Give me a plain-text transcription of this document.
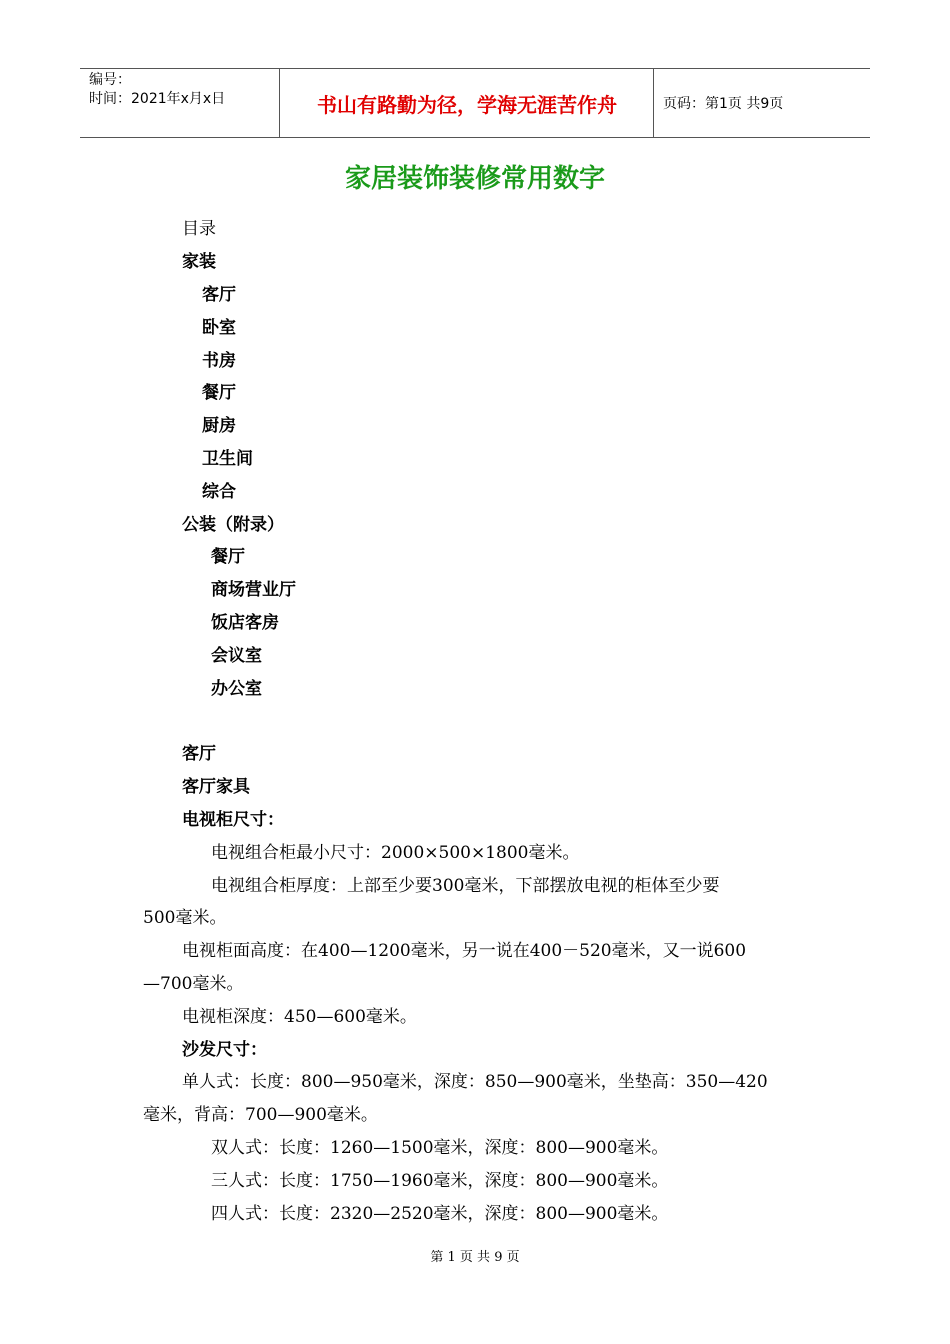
编号：
时间：2021年x月x日	书山有路勤为径，学海无涯苦作舟	页码：第1页 共9页
家居装饰装修常用数字
目录
家装
客厅
卧室
书房
餐厅
厨房
卫生间
综合
公装（附录）
餐厅
商场营业厅
饭店客房
会议室
办公室
客厅
客厅家具
电视柜尺寸：
电视组合柜最小尺寸：2000×500×1800毫米。
电视组合柜厚度：上部至少要300毫米，下部摆放电视的柜体至少要
500毫米。
电视柜面高度：在400—1200毫米，另一说在400－520毫米，又一说600
—700毫米。
电视柜深度：450—600毫米。
沙发尺寸：
单人式：长度：800—950毫米，深度：850—900毫米，坐垫高：350—420
毫米，背高：700—900毫米。
双人式：长度：1260—1500毫米，深度：800—900毫米。
三人式：长度：1750—1960毫米，深度：800—900毫米。
四人式：长度：2320—2520毫米，深度：800—900毫米。
第 1 页 共 9 页
